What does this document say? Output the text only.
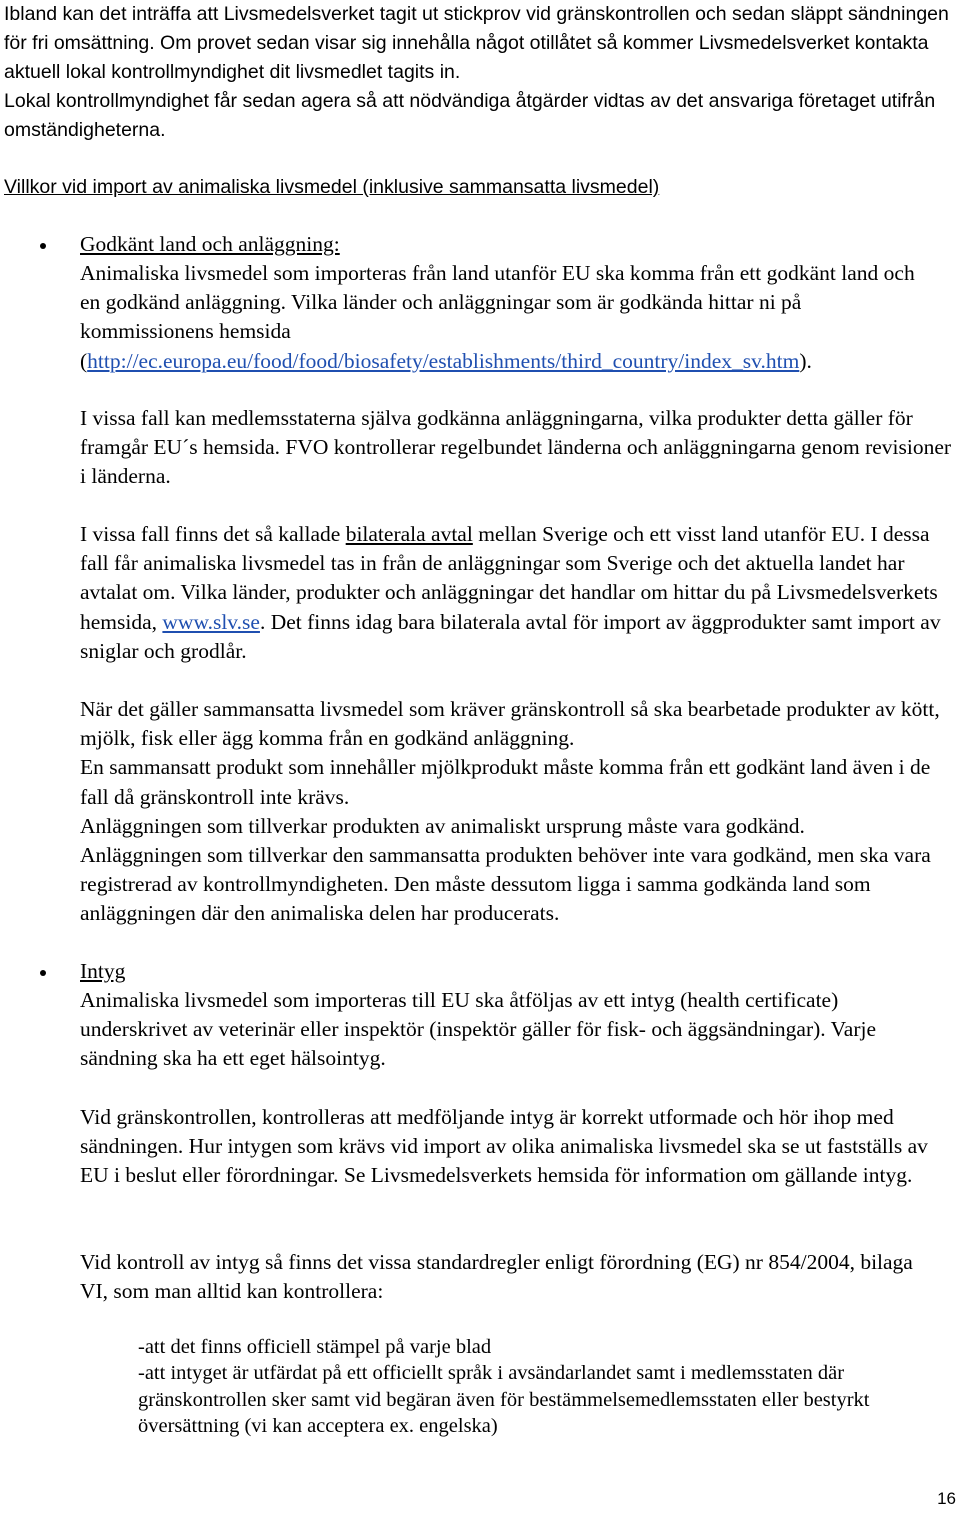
Ibland kan det inträffa att Livsmedelsverket tagit ut stickprov vid gränskontrollen och sedan släppt sändningen för fri omsättning. Om provet sedan visar sig innehålla något otillåtet så kommer Livsmedelsverket kontakta aktuell lokal kontrollmyndighet dit livsmedlet tagits in.

Lokal kontrollmyndighet får sedan agera så att nödvändiga åtgärder vidtas av det ansvariga företaget utifrån omständigheterna.

Villkor vid import av animaliska livsmedel (inklusive sammansatta livsmedel)

Godkänt land och anläggning:

Animaliska livsmedel som importeras från land utanför EU ska komma från ett godkänt land och en godkänd anläggning. Vilka länder och anläggningar som är godkända hittar ni på kommissionens hemsida (http://ec.europa.eu/food/food/biosafety/establishments/third_country/index_sv.htm).

I vissa fall kan medlemsstaterna själva godkänna anläggningarna, vilka produkter detta gäller för framgår EU´s hemsida. FVO kontrollerar regelbundet länderna och anläggningarna genom revisioner i länderna.

I vissa fall finns det så kallade bilaterala avtal mellan Sverige och ett visst land utanför EU. I dessa fall får animaliska livsmedel tas in från de anläggningar som Sverige och det aktuella landet har avtalat om. Vilka länder, produkter och anläggningar det handlar om hittar du på Livsmedelsverkets hemsida, www.slv.se. Det finns idag bara bilaterala avtal för import av äggprodukter samt import av sniglar och grodlår.

När det gäller sammansatta livsmedel som kräver gränskontroll så ska bearbetade produkter av kött, mjölk, fisk eller ägg komma från en godkänd anläggning.
En sammansatt produkt som innehåller mjölkprodukt måste komma från ett godkänt land även i de fall då gränskontroll inte krävs.
Anläggningen som tillverkar produkten av animaliskt ursprung måste vara godkänd.
Anläggningen som tillverkar den sammansatta produkten behöver inte vara godkänd, men ska vara registrerad av kontrollmyndigheten. Den måste dessutom ligga i samma godkända land som anläggningen där den animaliska delen har producerats.

Intyg

Animaliska livsmedel som importeras till EU ska åtföljas av ett intyg (health certificate) underskrivet av veterinär eller inspektör (inspektör gäller för fisk- och äggsändningar). Varje sändning ska ha ett eget hälsointyg.

Vid gränskontrollen, kontrolleras att medföljande intyg är korrekt utformade och hör ihop med sändningen. Hur intygen som krävs vid import av olika animaliska livsmedel ska se ut fastställs av EU i beslut eller förordningar. Se Livsmedelsverkets hemsida för information om gällande intyg.

Vid kontroll av intyg så finns det vissa standardregler enligt förordning (EG) nr 854/2004, bilaga VI, som man alltid kan kontrollera:

-att det finns officiell stämpel på varje blad

-att intyget är utfärdat på ett officiellt språk i avsändarlandet samt i medlemsstaten där gränskontrollen sker samt vid begäran även för bestämmelsemedlemsstaten eller bestyrkt översättning (vi kan acceptera ex. engelska)

16
